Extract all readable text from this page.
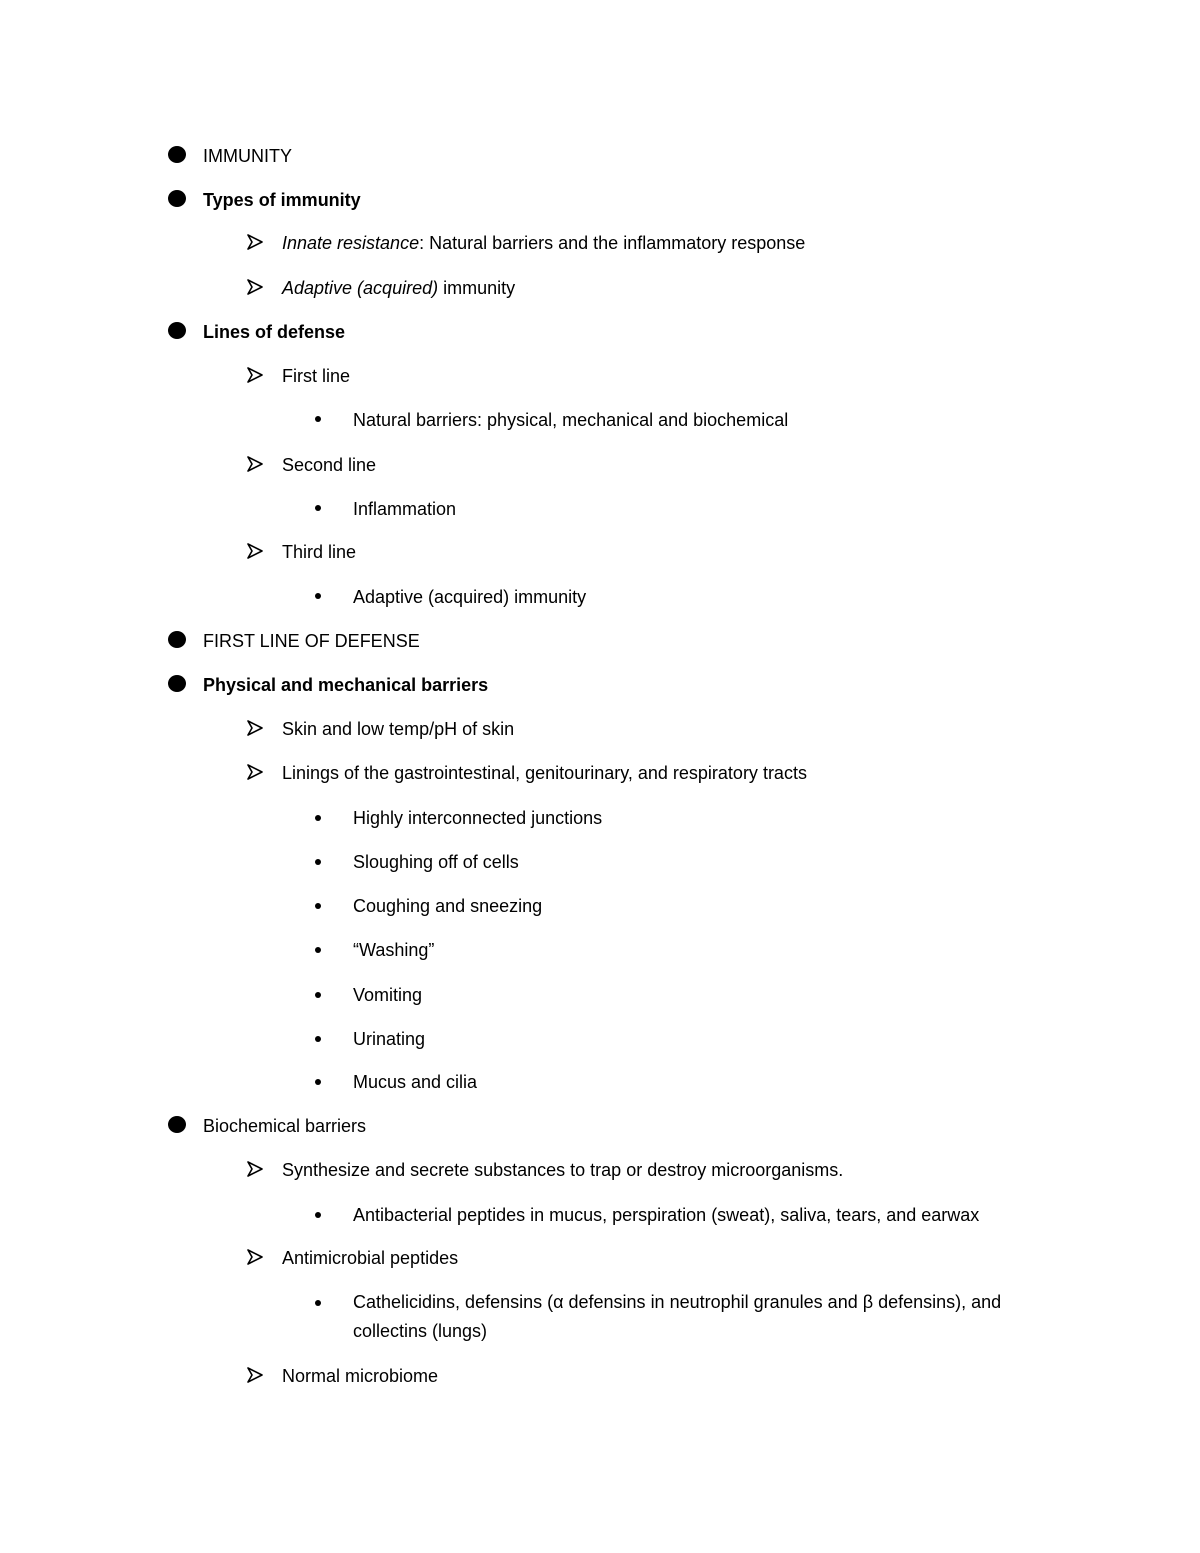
IMMUNITY
Types of immunity
Innate resistance: Natural barriers and the inflammatory response
Adaptive (acquired) immunity
Lines of defense
First line
Natural barriers: physical, mechanical and biochemical
Second line
Inflammation
Third line
Adaptive (acquired) immunity
FIRST LINE OF DEFENSE
Physical and mechanical barriers
Skin and low temp/pH of skin
Linings of the gastrointestinal, genitourinary, and respiratory tracts
Highly interconnected junctions
Sloughing off of cells
Coughing and sneezing
“Washing”
Vomiting
Urinating
Mucus and cilia
Biochemical barriers
Synthesize and secrete substances to trap or destroy microorganisms.
Antibacterial peptides in mucus, perspiration (sweat), saliva, tears, and earwax
Antimicrobial peptides
Cathelicidins, defensins (α defensins in neutrophil granules and β defensins), and collectins (lungs)
Normal microbiome
